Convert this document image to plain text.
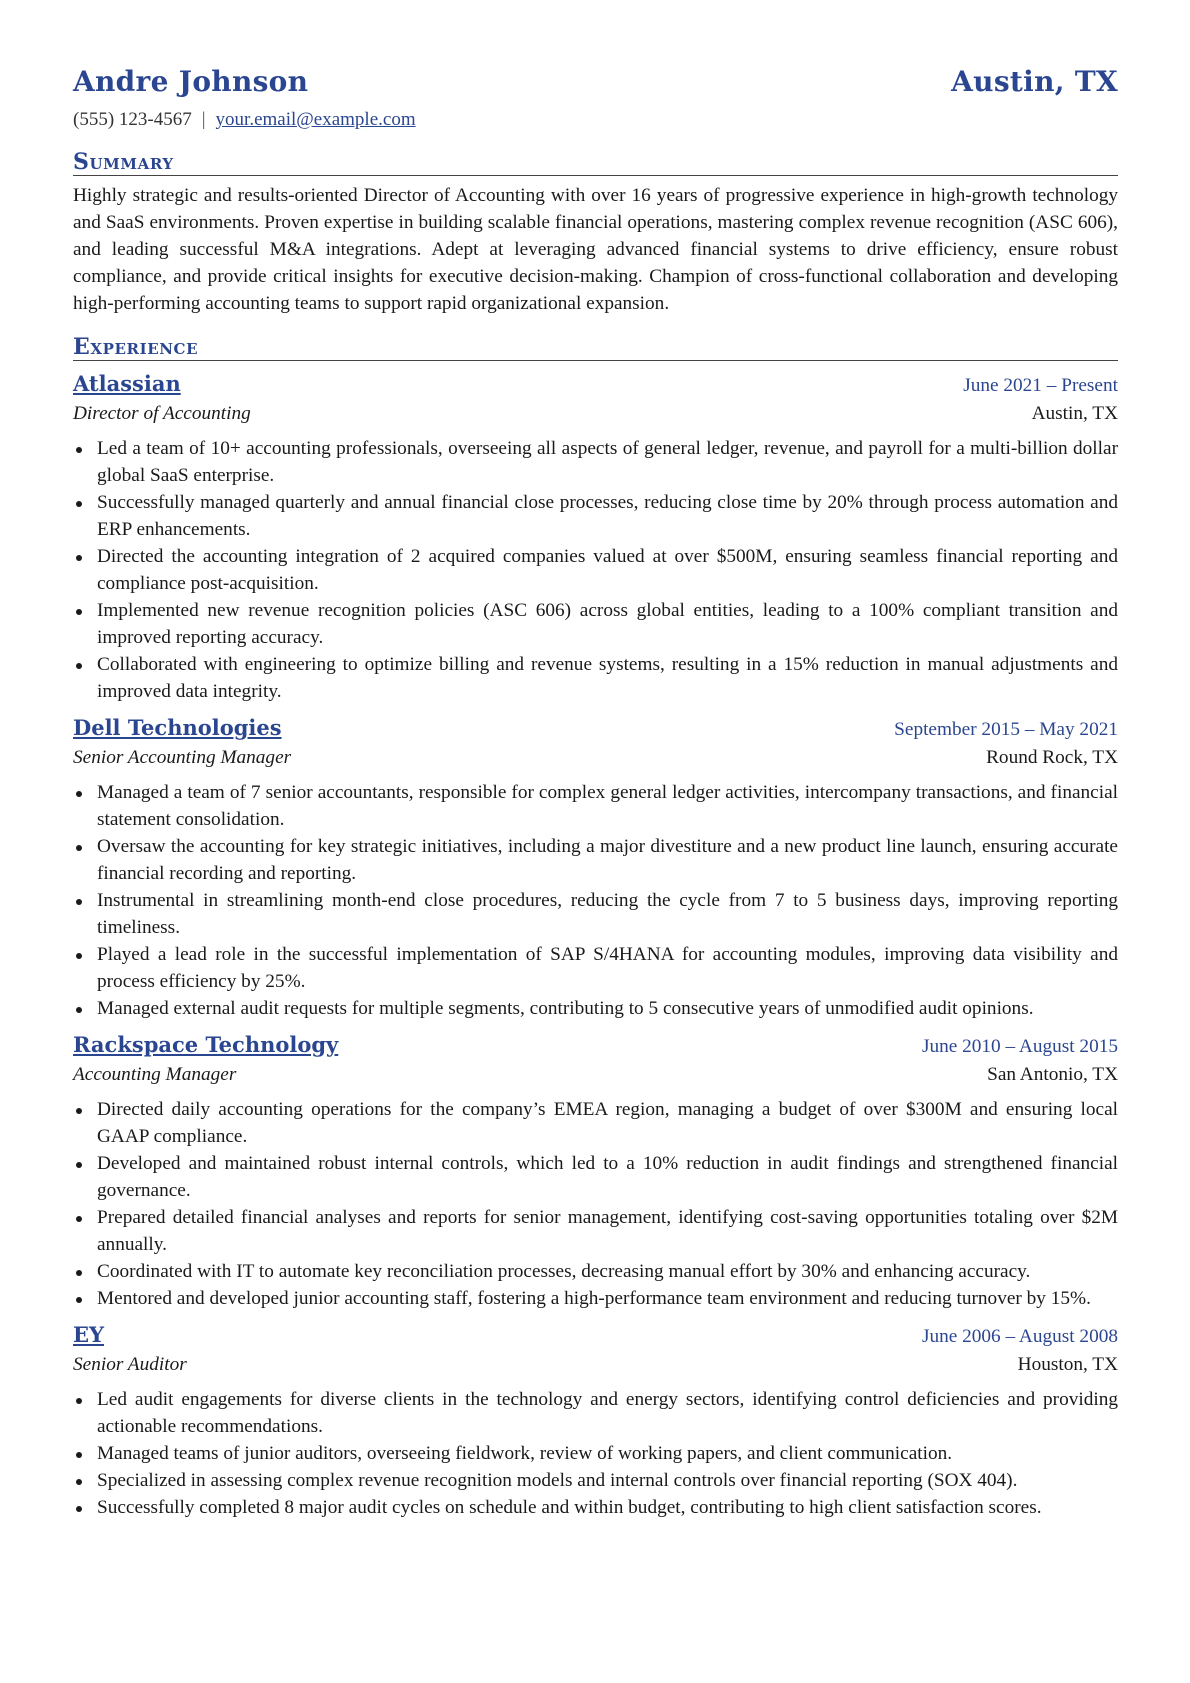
Andre Johnson	Austin, TX
(555) 123-4567 | your.email@example.com
Summary
Highly strategic and results-oriented Director of Accounting with over 16 years of progressive experience in high-growth technology and SaaS environments. Proven expertise in building scalable financial operations, mastering complex revenue recognition (ASC 606), and leading successful M&A integrations. Adept at leveraging advanced financial systems to drive efficiency, ensure robust compliance, and provide critical insights for executive decision-making. Champion of cross-functional collaboration and developing high-performing accounting teams to support rapid organizational expansion.
Experience
Atlassian	June 2021 – Present
Director of Accounting	Austin, TX
Led a team of 10+ accounting professionals, overseeing all aspects of general ledger, revenue, and payroll for a multi-billion dollar global SaaS enterprise.
Successfully managed quarterly and annual financial close processes, reducing close time by 20% through process automation and ERP enhancements.
Directed the accounting integration of 2 acquired companies valued at over $500M, ensuring seamless financial reporting and compliance post-acquisition.
Implemented new revenue recognition policies (ASC 606) across global entities, leading to a 100% compliant transition and improved reporting accuracy.
Collaborated with engineering to optimize billing and revenue systems, resulting in a 15% reduction in manual adjustments and improved data integrity.
Dell Technologies	September 2015 – May 2021
Senior Accounting Manager	Round Rock, TX
Managed a team of 7 senior accountants, responsible for complex general ledger activities, intercompany transactions, and financial statement consolidation.
Oversaw the accounting for key strategic initiatives, including a major divestiture and a new product line launch, ensuring accurate financial recording and reporting.
Instrumental in streamlining month-end close procedures, reducing the cycle from 7 to 5 business days, improving reporting timeliness.
Played a lead role in the successful implementation of SAP S/4HANA for accounting modules, improving data visibility and process efficiency by 25%.
Managed external audit requests for multiple segments, contributing to 5 consecutive years of unmodified audit opinions.
Rackspace Technology	June 2010 – August 2015
Accounting Manager	San Antonio, TX
Directed daily accounting operations for the company’s EMEA region, managing a budget of over $300M and ensuring local GAAP compliance.
Developed and maintained robust internal controls, which led to a 10% reduction in audit findings and strengthened financial governance.
Prepared detailed financial analyses and reports for senior management, identifying cost-saving opportunities totaling over $2M annually.
Coordinated with IT to automate key reconciliation processes, decreasing manual effort by 30% and enhancing accuracy.
Mentored and developed junior accounting staff, fostering a high-performance team environment and reducing turnover by 15%.
EY	June 2006 – August 2008
Senior Auditor	Houston, TX
Led audit engagements for diverse clients in the technology and energy sectors, identifying control deficiencies and providing actionable recommendations.
Managed teams of junior auditors, overseeing fieldwork, review of working papers, and client communication.
Specialized in assessing complex revenue recognition models and internal controls over financial reporting (SOX 404).
Successfully completed 8 major audit cycles on schedule and within budget, contributing to high client satisfaction scores.
